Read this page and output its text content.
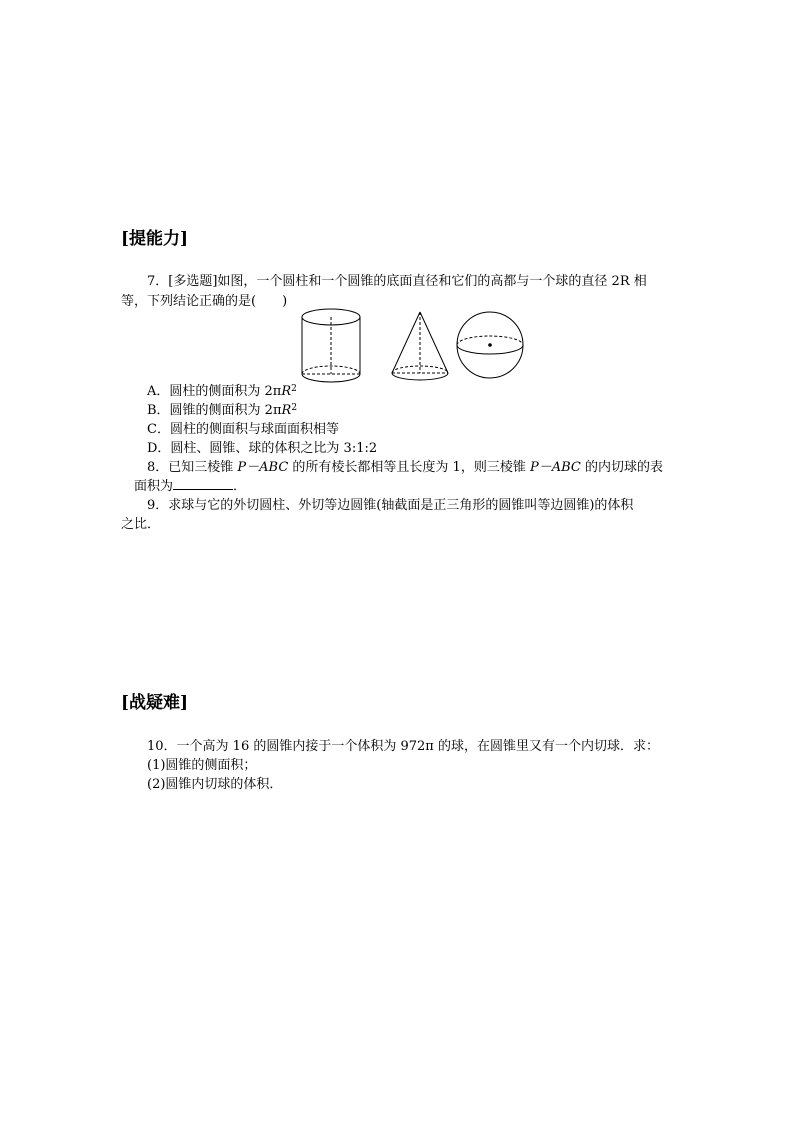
[提能力]
7．[多选题]如图，一个圆柱和一个圆锥的底面直径和它们的高都与一个球的直径 2R 相
等，下列结论正确的是(　　)
A．圆柱的侧面积为 $2\pi R^2$
B．圆锥的侧面积为 $2\pi R^2$
C．圆柱的侧面积与球面面积相等
D．圆柱、圆锥、球的体积之比为 3:1:2
8．已知三棱锥 P－ABC 的所有棱长都相等且长度为 1，则三棱锥 P－ABC 的内切球的表
面积为	．
9．求球与它的外切圆柱、外切等边圆锥(轴截面是正三角形的圆锥叫等边圆锥)的体积
之比．
[战疑难]
10．一个高为 16 的圆锥内接于一个体积为 972π 的球，在圆锥里又有一个内切球．求：
(1)圆锥的侧面积；
(2)圆锥内切球的体积．
